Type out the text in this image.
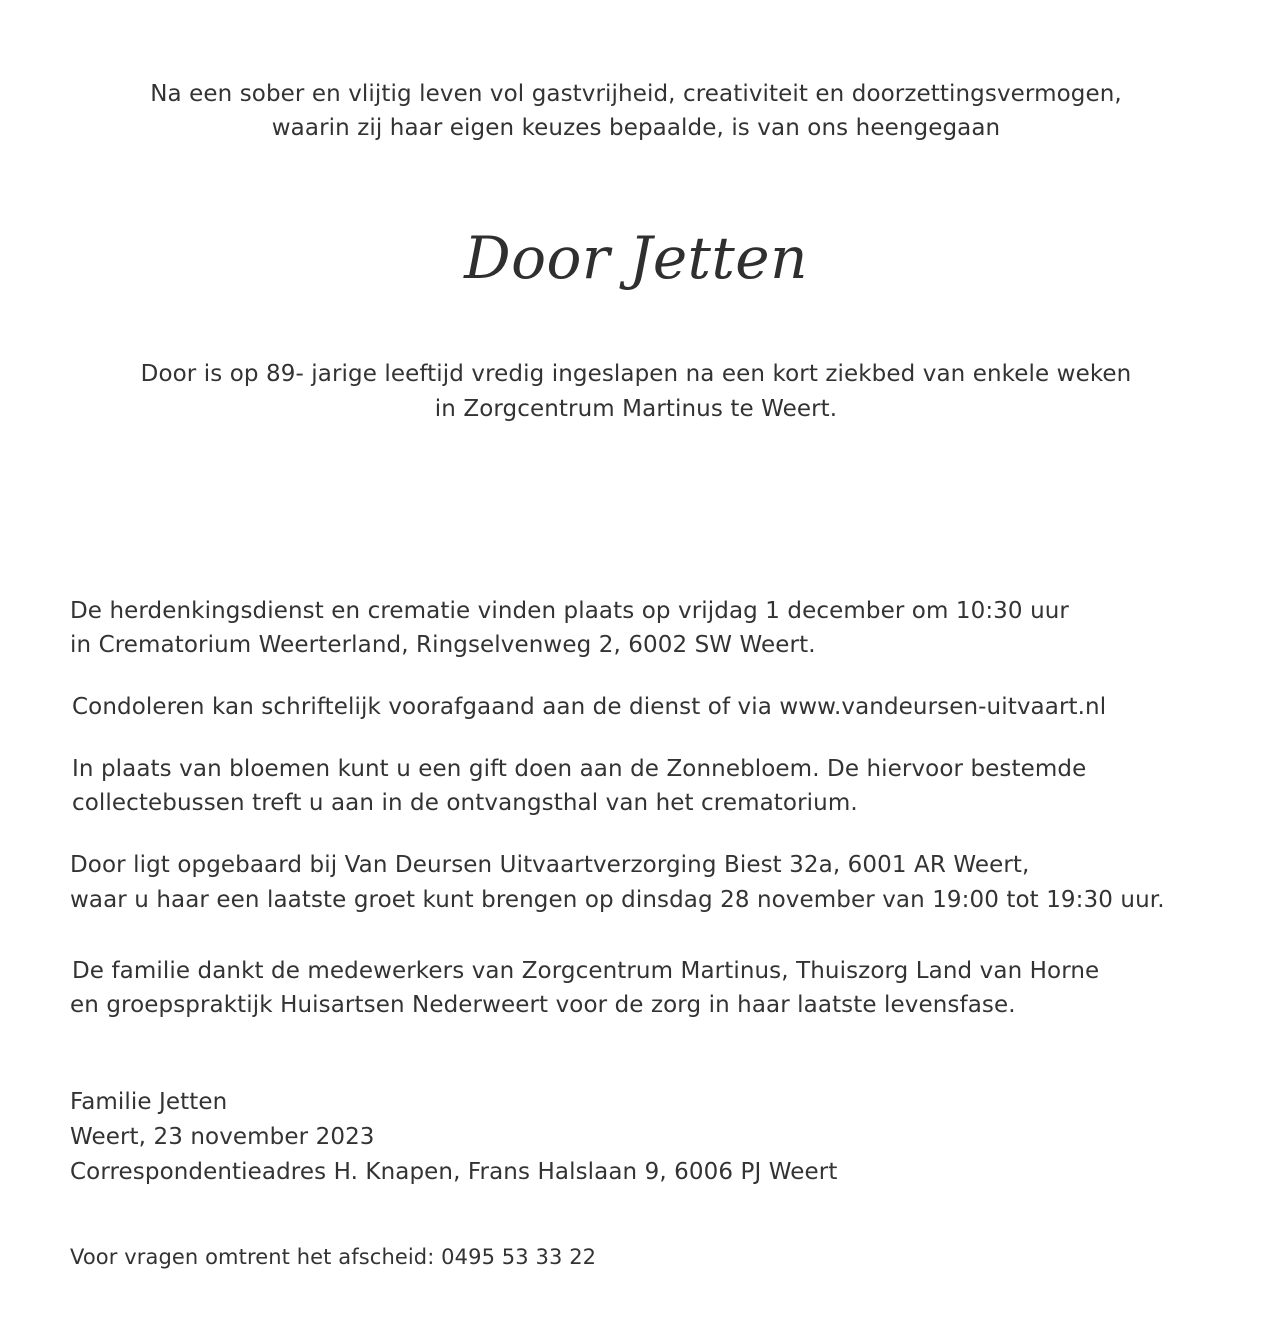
Na een sober en vlijtig leven vol gastvrijheid, creativiteit en doorzettingsvermogen,
waarin zij haar eigen keuzes bepaalde, is van ons heengegaan
Door Jetten
Door is op 89- jarige leeftijd vredig ingeslapen na een kort ziekbed van enkele weken
in Zorgcentrum Martinus te Weert.
De herdenkingsdienst en crematie vinden plaats op vrijdag 1 december om 10:30 uur
in Crematorium Weerterland, Ringselvenweg 2, 6002 SW Weert.
Condoleren kan schriftelijk voorafgaand aan de dienst of via www.vandeursen-uitvaart.nl
In plaats van bloemen kunt u een gift doen aan de Zonnebloem. De hiervoor bestemde
collectebussen treft u aan in de ontvangsthal van het crematorium.
Door ligt opgebaard bij Van Deursen Uitvaartverzorging Biest 32a, 6001 AR Weert,
waar u haar een laatste groet kunt brengen op dinsdag 28 november van 19:00 tot 19:30 uur.
De familie dankt de medewerkers van Zorgcentrum Martinus, Thuiszorg Land van Horne
en groepspraktijk Huisartsen Nederweert voor de zorg in haar laatste levensfase.
Familie Jetten
Weert, 23 november 2023
Correspondentieadres H. Knapen, Frans Halslaan 9, 6006 PJ Weert
Voor vragen omtrent het afscheid: 0495 53 33 22
